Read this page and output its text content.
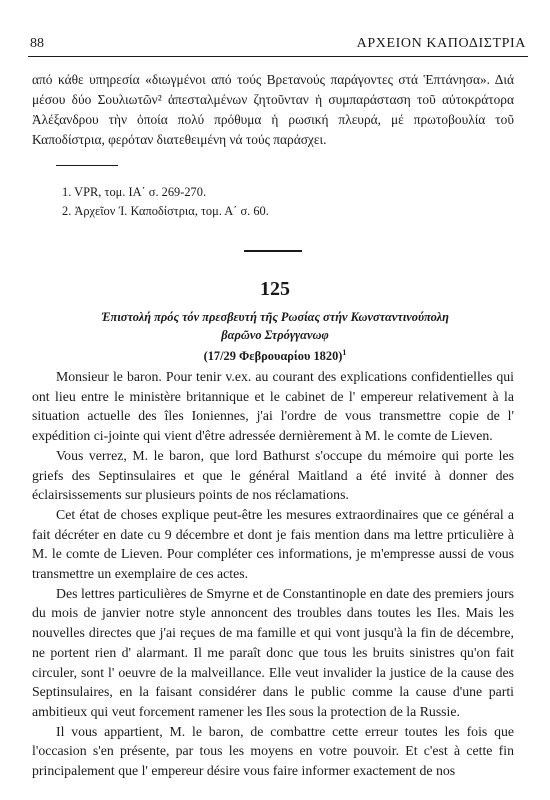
88	ΑΡΧΕΙΟΝ ΚΑΠΟΔΙΣΤΡΙΑ

από κάθε υπηρεσία «διωγμένοι από τούς Βρετανούς παράγοντες στά Ἑπτάνησα». Διά μέσου δύο Σουλιωτῶν² ἀπεσταλμένων ζητοῦνταν ἡ συμπαράσταση τοῦ αὐτοκράτορα Ἀλέξανδρου τὴν ὁποία πολύ πρόθυμα ἡ ρωσική πλευρά, μέ πρωτοβουλία τοῦ Καποδίστρια, φερόταν διατεθειμένη νά τούς παράσχει.

1. VPR, τομ. ΙΑ΄ σ. 269-270.
2. Ἀρχεῖον Ἰ. Καποδίστρια, τομ. Α΄ σ. 60.
125
Ἐπιστολή πρός τόν πρεσβευτή τῆς Ρωσίας στήν Κωνσταντινούπολη
βαρῶνο Στρόγγανωφ
(17/29 Φεβρουαρίου 1820)$^1$

Monsieur le baron. Pour tenir v.ex. au courant des explications confidentielles qui ont lieu entre le ministère britannique et le cabinet de l' empereur relativement à la situation actuelle des îles Ioniennes, j'ai l'ordre de vous transmettre copie de l' expédition ci-jointe qui vient d'être adressée dernièrement à M. le comte de Lieven.

Vous verrez, M. le baron, que lord Bathurst s'occupe du mémoire qui porte les griefs des Septinsulaires et que le général Maitland a été invité à donner des éclairsissements sur plusieurs points de nos réclamations.

Cet état de choses explique peut-être les mesures extraordinaires que ce général a fait décréter en date cu 9 décembre et dont je fais mention dans ma lettre prticulière à M. le comte de Lieven. Pour compléter ces informations, je m'empresse aussi de vous transmettre un exemplaire de ces actes.

Des lettres particulières de Smyrne et de Constantinople en date des premiers jours du mois de janvier notre style annoncent des troubles dans toutes les Iles. Mais les nouvelles directes que j'ai reçues de ma famille et qui vont jusqu'à la fin de décembre, ne portent rien d' alarmant. Il me paraît donc que tous les bruits sinistres qu'on fait circuler, sont l' oeuvre de la malveillance. Elle veut invalider la justice de la cause des Septinsulaires, en la faisant considérer dans le public comme la cause d'une parti ambitieux qui veut forcement ramener les Iles sous la protection de la Russie.

Il vous appartient, M. le baron, de combattre cette erreur toutes les fois que l'occasion s'en présente, par tous les moyens en votre pouvoir. Et c'est à cette fin principalement que l' empereur désire vous faire informer exactement de nos
